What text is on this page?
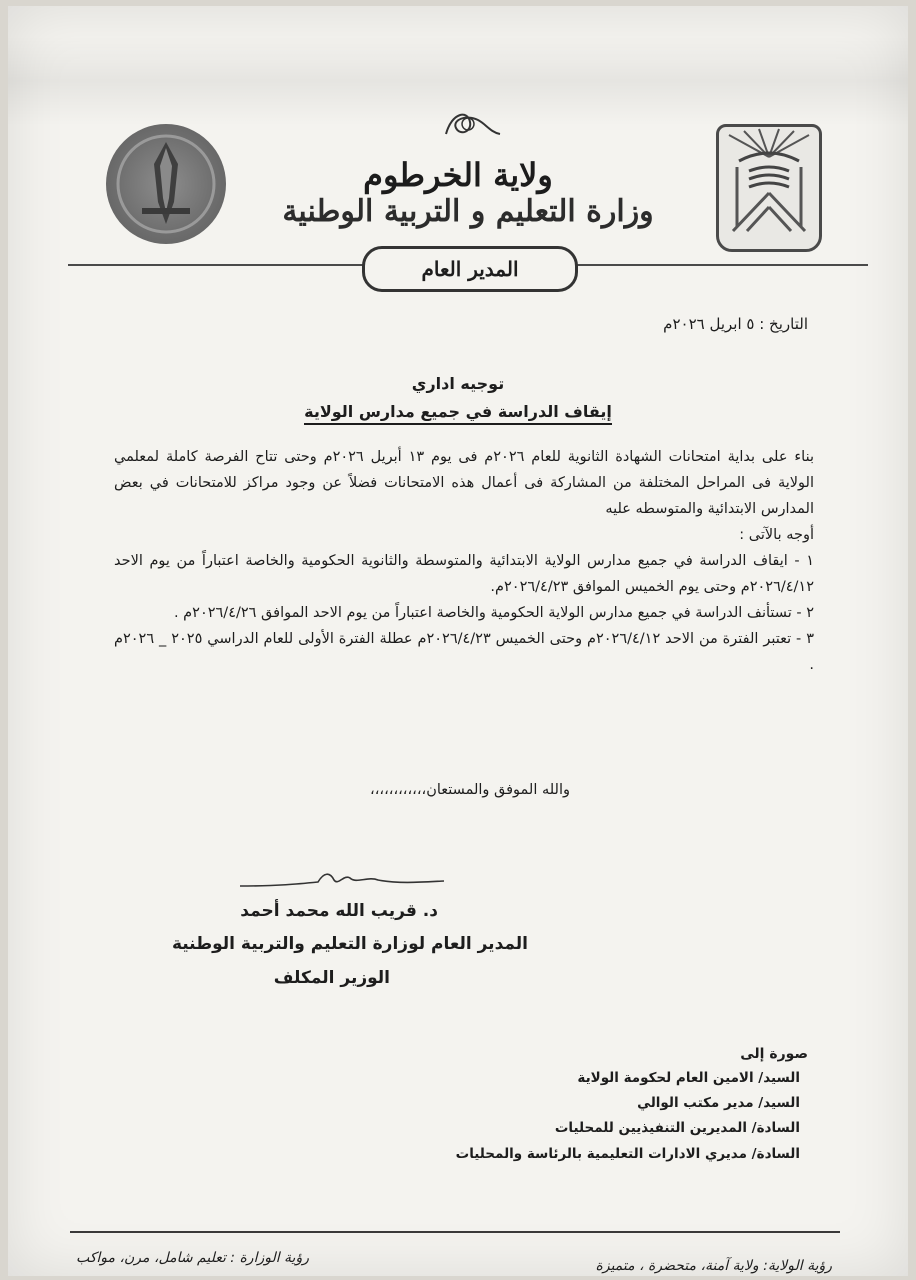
ولاية الخرطوم
وزارة التعليم و التربية الوطنية
المدير العام
التاريخ : ٥ ابريل ٢٠٢٦م
توجيه اداري
إيقاف الدراسة في جميع مدارس الولاية

بناء على بداية امتحانات الشهادة الثانوية للعام ٢٠٢٦م فى يوم ١٣ أبريل ٢٠٢٦م وحتى تتاح الفرصة كاملة لمعلمي الولاية فى المراحل المختلفة من المشاركة فى أعمال هذه الامتحانات فضلاً عن وجود مراكز للامتحانات في بعض المدارس الابتدائية والمتوسطه عليه

أوجه بالآتى :

١ - ايقاف الدراسة في جميع مدارس الولاية الابتدائية والمتوسطة والثانوية الحكومية والخاصة اعتباراً من يوم الاحد ٢٠٢٦/٤/١٢م وحتى يوم الخميس الموافق ٢٠٢٦/٤/٢٣م.

٢ - تستأنف الدراسة في جميع مدارس الولاية الحكومية والخاصة اعتباراً من يوم الاحد الموافق ٢٠٢٦/٤/٢٦م .

٣ - تعتبر الفترة من الاحد ٢٠٢٦/٤/١٢م وحتى الخميس ٢٠٢٦/٤/٢٣م عطلة الفترة الأولى للعام الدراسي ٢٠٢٥ _ ٢٠٢٦م .

والله الموفق والمستعان،،،،،،،،،،،،
د. قريب الله محمد أحمد
المدير العام لوزارة التعليم والتربية الوطنية
الوزير المكلف
صورة إلى
السيد/ الامين العام لحكومة الولاية
السيد/ مدير مكتب الوالي
السادة/ المديرين التنفيذيين للمحليات
السادة/ مديري الادارات التعليمية بالرئاسة والمحليات
رؤية الوزارة : تعليم شامل، مرن، مواكب	رؤية الولاية: ولاية آمنة، متحضرة ، متميزة
